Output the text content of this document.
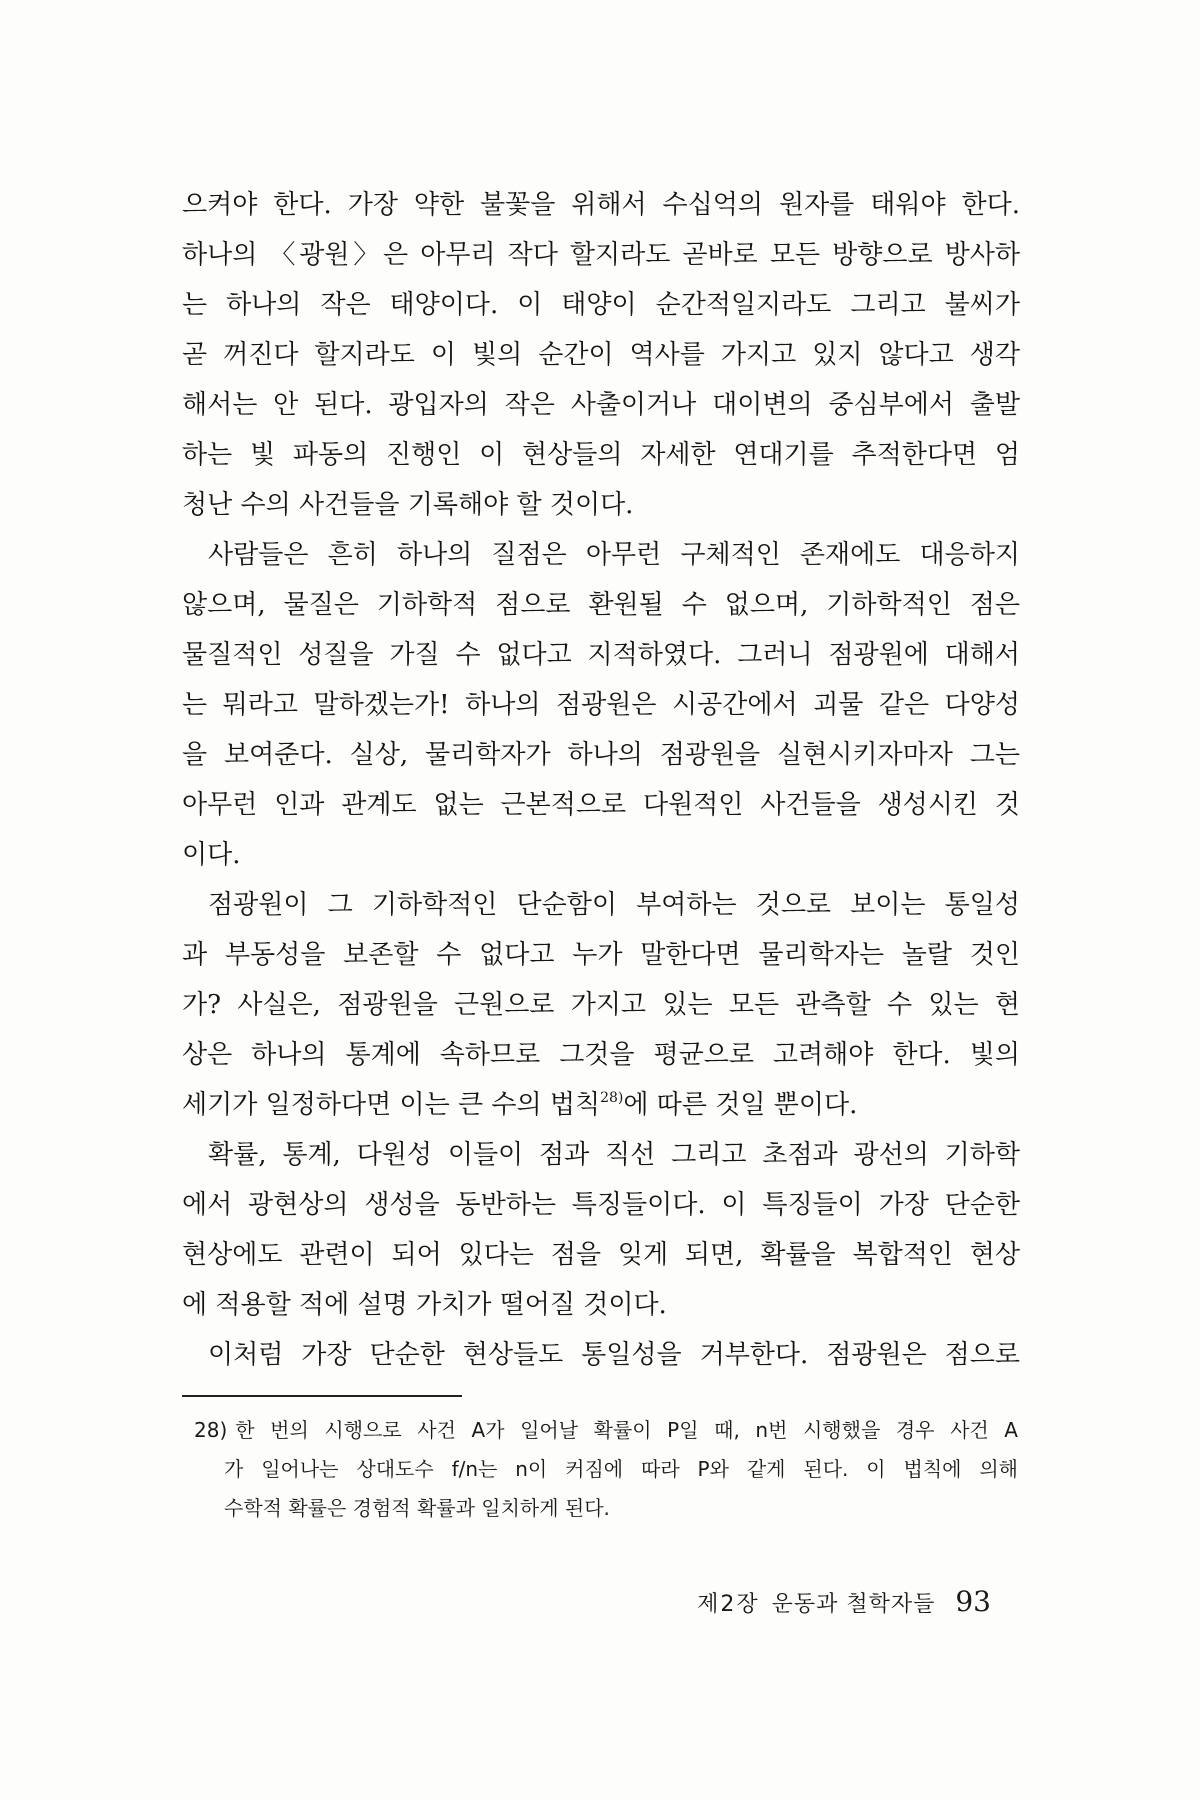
으켜야 한다. 가장 약한 불꽃을 위해서 수십억의 원자를 태워야 한다.
하나의 〈광원〉은 아무리 작다 할지라도 곧바로 모든 방향으로 방사하
는 하나의 작은 태양이다. 이 태양이 순간적일지라도 그리고 불씨가
곧 꺼진다 할지라도 이 빛의 순간이 역사를 가지고 있지 않다고 생각
해서는 안 된다. 광입자의 작은 사출이거나 대이변의 중심부에서 출발
하는 빛 파동의 진행인 이 현상들의 자세한 연대기를 추적한다면 엄
청난 수의 사건들을 기록해야 할 것이다.
사람들은 흔히 하나의 질점은 아무런 구체적인 존재에도 대응하지
않으며, 물질은 기하학적 점으로 환원될 수 없으며, 기하학적인 점은
물질적인 성질을 가질 수 없다고 지적하였다. 그러니 점광원에 대해서
는 뭐라고 말하겠는가! 하나의 점광원은 시공간에서 괴물 같은 다양성
을 보여준다. 실상, 물리학자가 하나의 점광원을 실현시키자마자 그는
아무런 인과 관계도 없는 근본적으로 다원적인 사건들을 생성시킨 것
이다.
점광원이 그 기하학적인 단순함이 부여하는 것으로 보이는 통일성
과 부동성을 보존할 수 없다고 누가 말한다면 물리학자는 놀랄 것인
가? 사실은, 점광원을 근원으로 가지고 있는 모든 관측할 수 있는 현
상은 하나의 통계에 속하므로 그것을 평균으로 고려해야 한다. 빛의
세기가 일정하다면 이는 큰 수의 법칙$^{28)}$에 따른 것일 뿐이다.
확률, 통계, 다원성 이들이 점과 직선 그리고 초점과 광선의 기하학
에서 광현상의 생성을 동반하는 특징들이다. 이 특징들이 가장 단순한
현상에도 관련이 되어 있다는 점을 잊게 되면, 확률을 복합적인 현상
에 적용할 적에 설명 가치가 떨어질 것이다.
이처럼 가장 단순한 현상들도 통일성을 거부한다. 점광원은 점으로
28) 한 번의 시행으로 사건 A가 일어날 확률이 P일 때, n번 시행했을 경우 사건 A
가 일어나는 상대도수 f/n는 n이 커짐에 따라 P와 같게 된다. 이 법칙에 의해
수학적 확률은 경험적 확률과 일치하게 된다.
제2장 운동과 철학자들 93
